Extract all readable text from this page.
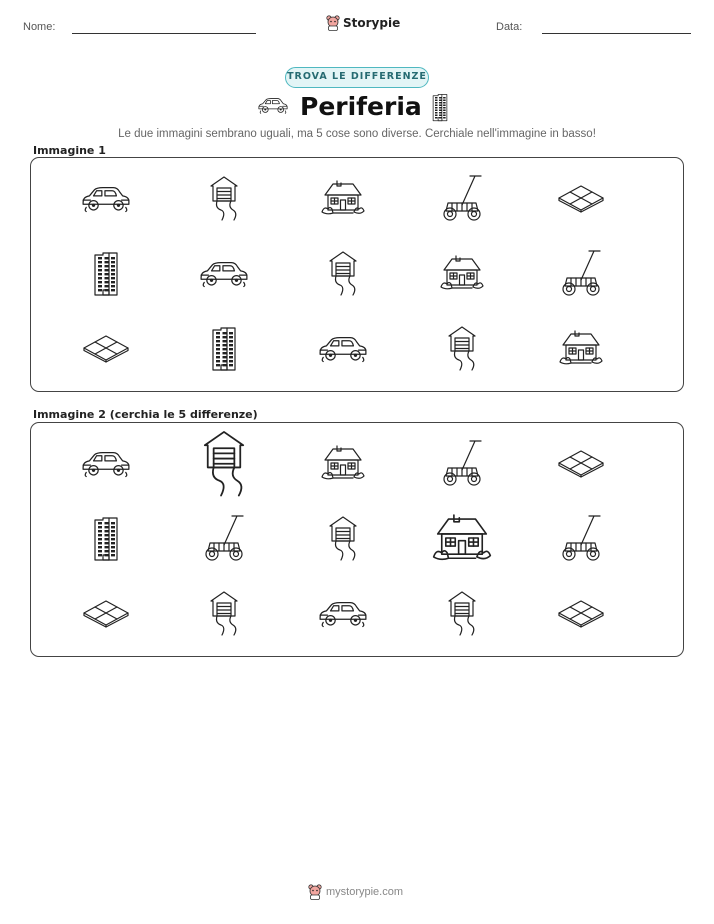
Nome:	Storypie	Data:
TROVA LE DIFFERENZE
Periferia
Le due immagini sembrano uguali, ma 5 cose sono diverse. Cerchiale nell'immagine in basso!
Immagine 1
Immagine 2 (cerchia le 5 differenze)
mystorypie.com
